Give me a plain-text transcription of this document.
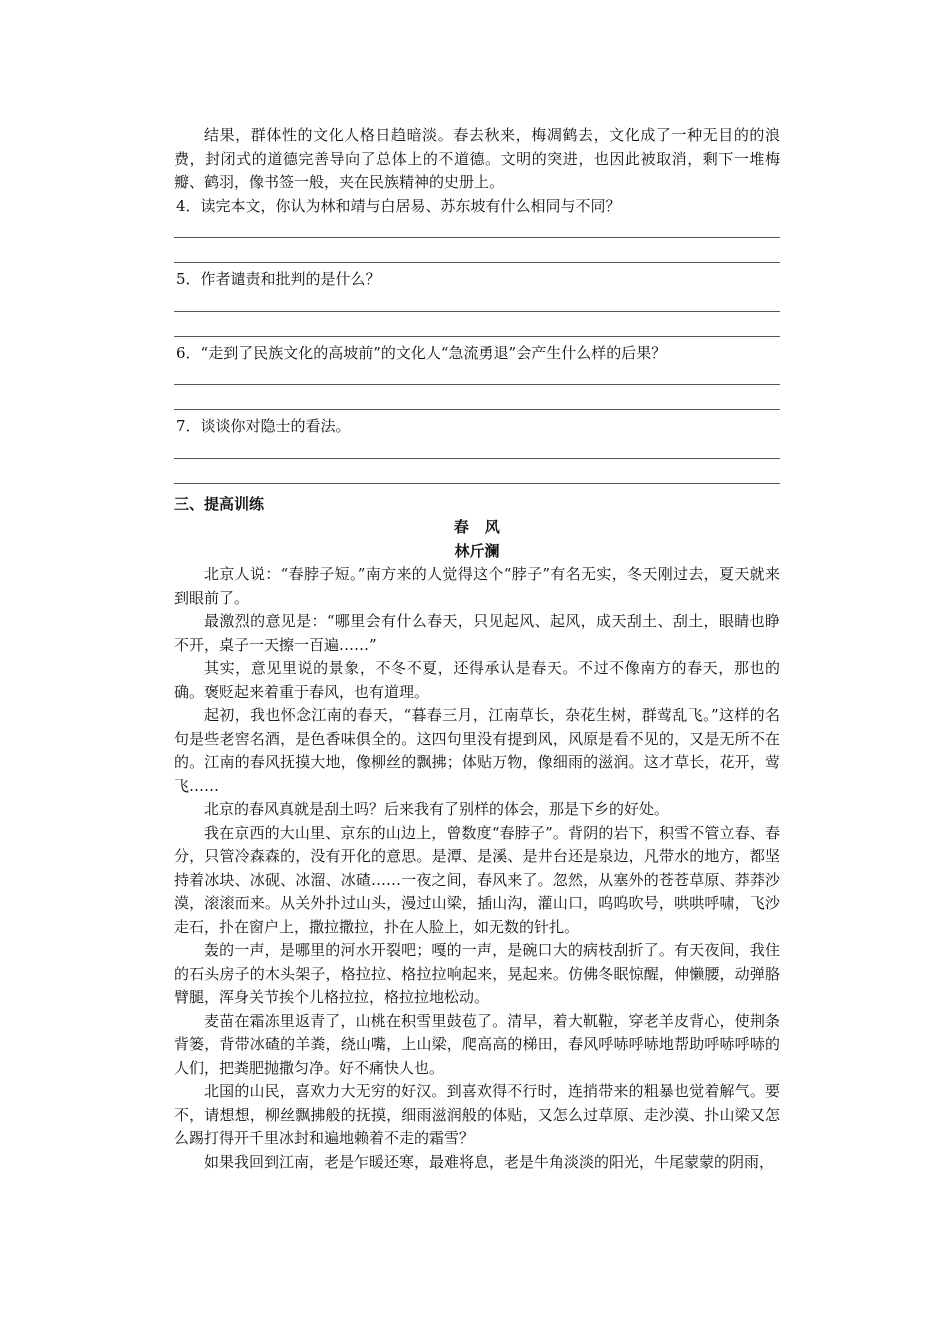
结果，群体性的文化人格日趋暗淡。春去秋来，梅凋鹤去，文化成了一种无目的的浪费，封闭式的道德完善导向了总体上的不道德。文明的突进，也因此被取消，剩下一堆梅瓣、鹤羽，像书签一般，夹在民族精神的史册上。

4．读完本文，你认为林和靖与白居易、苏东坡有什么相同与不同？

5．作者谴责和批判的是什么？

6．“走到了民族文化的高坡前”的文化人“急流勇退”会产生什么样的后果？

7．谈谈你对隐士的看法。

三、提高训练

春　风

林斤澜

北京人说：“春脖子短。”南方来的人觉得这个“脖子”有名无实，冬天刚过去，夏天就来到眼前了。

最激烈的意见是：“哪里会有什么春天，只见起风、起风，成天刮土、刮土，眼睛也睁不开，桌子一天擦一百遍……”

其实，意见里说的景象，不冬不夏，还得承认是春天。不过不像南方的春天，那也的确。褒贬起来着重于春风，也有道理。

起初，我也怀念江南的春天，“暮春三月，江南草长，杂花生树，群莺乱飞。”这样的名句是些老窖名酒，是色香味俱全的。这四句里没有提到风，风原是看不见的，又是无所不在的。江南的春风抚摸大地，像柳丝的飘拂；体贴万物，像细雨的滋润。这才草长，花开，莺飞……

北京的春风真就是刮土吗？后来我有了别样的体会，那是下乡的好处。

我在京西的大山里、京东的山边上，曾数度“春脖子”。背阴的岩下，积雪不管立春、春分，只管冷森森的，没有开化的意思。是潭、是溪、是井台还是泉边，凡带水的地方，都坚持着冰块、冰砚、冰溜、冰碴……一夜之间，春风来了。忽然，从塞外的苍苍草原、莽莽沙漠，滚滚而来。从关外扑过山头，漫过山梁，插山沟，灌山口，呜呜吹号，哄哄呼啸，飞沙走石，扑在窗户上，撒拉撒拉，扑在人脸上，如无数的针扎。

轰的一声，是哪里的河水开裂吧；嘎的一声，是碗口大的病枝刮折了。有天夜间，我住的石头房子的木头架子，格拉拉、格拉拉响起来，晃起来。仿佛冬眠惊醒，伸懒腰，动弹胳臂腿，浑身关节挨个儿格拉拉，格拉拉地松动。

麦苗在霜冻里返青了，山桃在积雪里鼓苞了。清早，着大靰鞡，穿老羊皮背心，使荆条背篓，背带冰碴的羊粪，绕山嘴，上山梁，爬高高的梯田，春风呼哧呼哧地帮助呼哧呼哧的人们，把粪肥抛撒匀净。好不痛快人也。

北国的山民，喜欢力大无穷的好汉。到喜欢得不行时，连捎带来的粗暴也觉着解气。要不，请想想，柳丝飘拂般的抚摸，细雨滋润般的体贴，又怎么过草原、走沙漠、扑山梁又怎么踢打得开千里冰封和遍地赖着不走的霜雪？

如果我回到江南，老是乍暖还寒，最难将息，老是牛角淡淡的阳光，牛尾蒙蒙的阴雨，
